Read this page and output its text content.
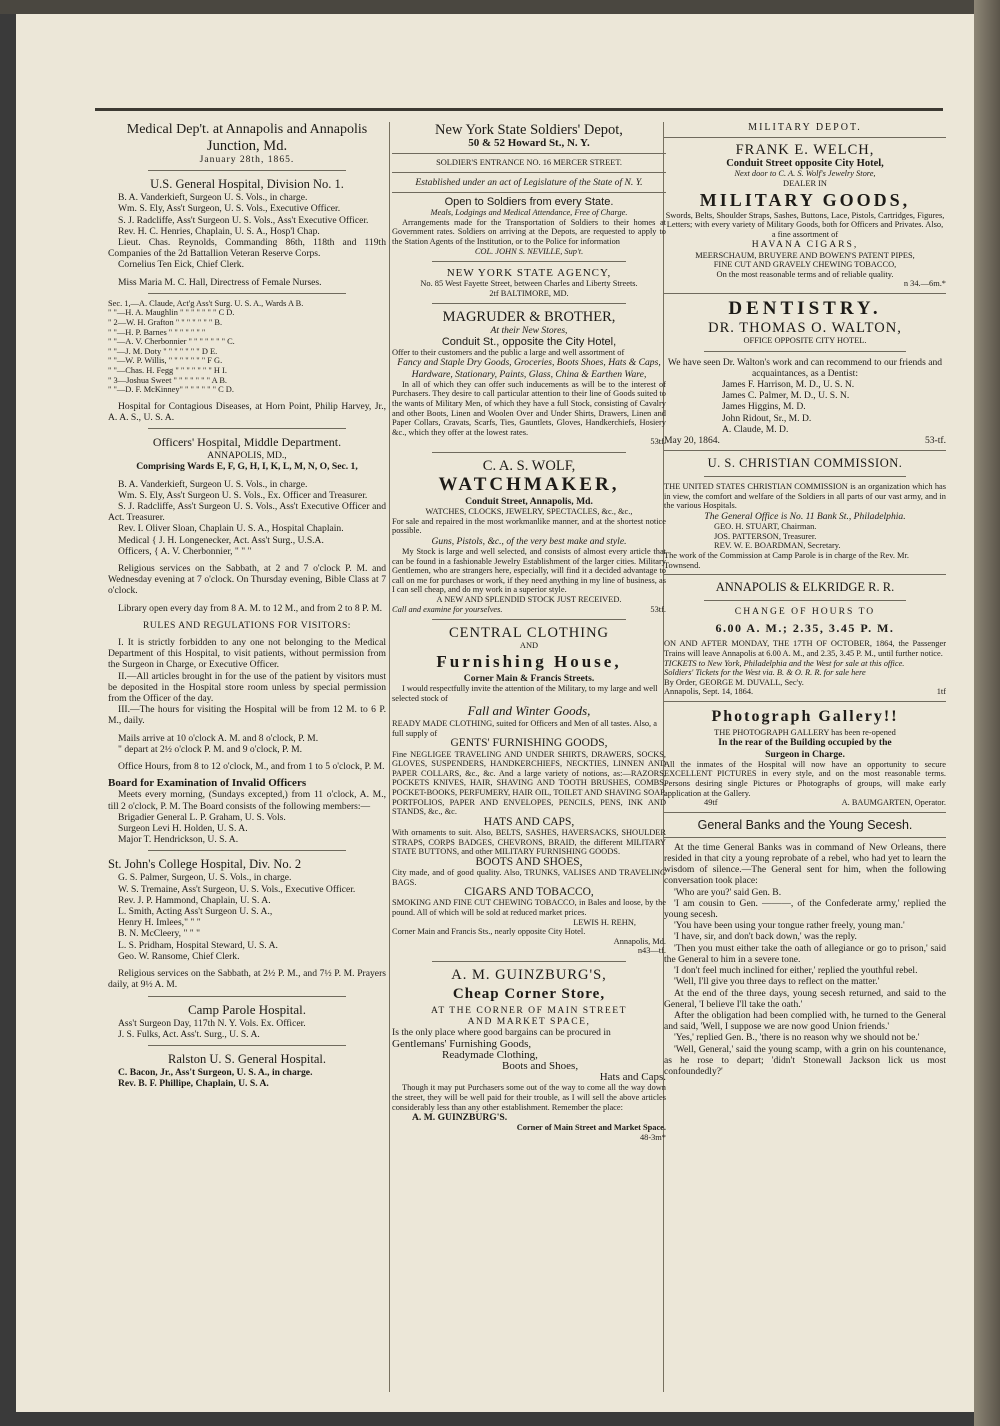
Medical Dep't. at Annapolis and Annapolis

Junction, Md.

January 28th, 1865.

U.S. General Hospital, Division No. 1.

B. A. Vanderkieft, Surgeon U. S. Vols., in charge.

Wm. S. Ely, Ass't Surgeon, U. S. Vols., Executive Officer.

S. J. Radcliffe, Ass't Surgeon U. S. Vols., Ass't Executive Officer.

Rev. H. C. Henries, Chaplain, U. S. A., Hosp'l Chap.

Lieut. Chas. Reynolds, Commanding 86th, 118th and 119th Companies of the 2d Battallion Veteran Reserve Corps.

Cornelius Ten Eick, Chief Clerk.

Miss Maria M. C. Hall, Directress of Female Nurses.

Sec. 1,—A. Claude, Act'g Ass't Surg. U. S. A., Wards A B.

" "—H. A. Maughlin " " " " " " " C D.

" 2—W. H. Grafton " " " " " " " B.

" "—H. P. Barnes " " " " " " "

" "—A. V. Cherbonnier " " " " " " " C.

" "—J. M. Doty " " " " " " " D E.

" "—W. P. Willis, " " " " " " " F G.

" "—Chas. H. Fegg " " " " " " " H I.

" 3—Joshua Sweet " " " " " " " A B.

" "—D. F. McKinney" " " " " " " C D.

Hospital for Contagious Diseases, at Horn Point, Philip Harvey, Jr., A. A. S., U. S. A.

Officers' Hospital, Middle Department.

ANNAPOLIS, MD.,

Comprising Wards E, F, G, H, I, K, L, M, N, O, Sec. 1,

B. A. Vanderkieft, Surgeon U. S. Vols., in charge.

Wm. S. Ely, Ass't Surgeon U. S. Vols., Ex. Officer and Treasurer.

S. J. Radcliffe, Ass't Surgeon U. S. Vols., Ass't Executive Officer and Act. Treasurer.

Rev. I. Oliver Sloan, Chaplain U. S. A., Hospital Chaplain.

Medical { J. H. Longenecker, Act. Ass't Surg., U.S.A.

Officers, { A. V. Cherbonnier, " " "

Religious services on the Sabbath, at 2 and 7 o'clock P. M. and Wednesday evening at 7 o'clock. On Thursday evening, Bible Class at 7 o'clock.

Library open every day from 8 A. M. to 12 M., and from 2 to 8 P. M.

RULES AND REGULATIONS FOR VISITORS:

I. It is strictly forbidden to any one not belonging to the Medical Department of this Hospital, to visit patients, without permission from the Surgeon in Charge, or Executive Officer.

II.—All articles brought in for the use of the patient by visitors must be deposited in the Hospital store room unless by special permission from the Officer of the day.

III.—The hours for visiting the Hospital will be from 12 M. to 6 P. M., daily.

Mails arrive at 10 o'clock A. M. and 8 o'clock, P. M.

" depart at 2½ o'clock P. M. and 9 o'clock, P. M.

Office Hours, from 8 to 12 o'clock, M., and from 1 to 5 o'clock, P. M.

Board for Examination of Invalid Officers

Meets every morning, (Sundays excepted,) from 11 o'clock, A. M., till 2 o'clock, P. M. The Board consists of the following members:—

Brigadier General L. P. Graham, U. S. Vols.

Surgeon Levi H. Holden, U. S. A.

Major T. Hendrickson, U. S. A.

St. John's College Hospital, Div. No. 2

G. S. Palmer, Surgeon, U. S. Vols., in charge.

W. S. Tremaine, Ass't Surgeon, U. S. Vols., Executive Officer.

Rev. J. P. Hammond, Chaplain, U. S. A.

L. Smith, Acting Ass't Surgeon U. S. A.,

Henry H. Imlees," " "

B. N. McCleery, " " "

L. S. Pridham, Hospital Steward, U. S. A.

Geo. W. Ransome, Chief Clerk.

Religious services on the Sabbath, at 2½ P. M., and 7½ P. M. Prayers daily, at 9½ A. M.

Camp Parole Hospital.

Ass't Surgeon Day, 117th N. Y. Vols. Ex. Officer.

J. S. Fulks, Act. Ass't. Surg., U. S. A.

Ralston U. S. General Hospital.

C. Bacon, Jr., Ass't Surgeon, U. S. A., in charge.

Rev. B. F. Phillipe, Chaplain, U. S. A.

New York State Soldiers' Depot,

50 & 52 Howard St., N. Y.

SOLDIER'S ENTRANCE NO. 16 MERCER STREET.

Established under an act of Legislature of the State of N. Y.

Open to Soldiers from every State.

Meals, Lodgings and Medical Attendance, Free of Charge.

Arrangements made for the Transportation of Soldiers to their homes at Government rates. Soldiers on arriving at the Depots, are requested to apply to the Station Agents of the Institution, or to the Police for information

COL. JOHN S. NEVILLE, Sup't.

NEW YORK STATE AGENCY,

No. 85 West Fayette Street, between Charles and Liberty Streets.

2tf BALTIMORE, MD.

MAGRUDER & BROTHER,

At their New Stores,

Conduit St., opposite the City Hotel,

Offer to their customers and the public a large and well assortment of

Fancy and Staple Dry Goods, Groceries, Boots Shoes, Hats & Caps, Hardware, Stationary, Paints, Glass, China & Earthen Ware,

In all of which they can offer such inducements as will be to the interest of Purchasers. They desire to call particular attention to their line of Goods suited to the wants of Military Men, of which they have a full Stock, consisting of Cavalry and other Boots, Linen and Woolen Over and Under Shirts, Drawers, Linen and Paper Collars, Cravats, Scarfs, Ties, Gauntlets, Gloves, Handkerchiefs, Hosiery &c., which they offer at the lowest rates.

53tf.

C. A. S. WOLF,

WATCHMAKER,

Conduit Street, Annapolis, Md.

WATCHES, CLOCKS, JEWELRY, SPECTACLES, &c., &c.,

For sale and repaired in the most workmanlike manner, and at the shortest notice possible.

Guns, Pistols, &c., of the very best make and style.

My Stock is large and well selected, and consists of almost every article that can be found in a fashionable Jewelry Establishment of the larger cities. Military Gentlemen, who are strangers here, especially, will find it a decided advantage to call on me for purchases or work, if they need anything in my line of business, as I can sell cheap, and do my work in a superior style.

A NEW AND SPLENDID STOCK JUST RECEIVED.

Call and examine for yourselves.	53tf.

CENTRAL CLOTHING

AND

Furnishing House,

Corner Main & Francis Streets.

I would respectfully invite the attention of the Military, to my large and well selected stock of

Fall and Winter Goods,

READY MADE CLOTHING, suited for Officers and Men of all tastes. Also, a full supply of

GENTS' FURNISHING GOODS,

Fine NEGLIGEE TRAVELING AND UNDER SHIRTS, DRAWERS, SOCKS, GLOVES, SUSPENDERS, HANDKERCHIEFS, NECKTIES, LINNEN AND PAPER COLLARS, &c., &c. And a large variety of notions, as:—RAZORS, POCKETS KNIVES, HAIR, SHAVING AND TOOTH BRUSHES, COMBS, POCKET-BOOKS, PERFUMERY, HAIR OIL, TOILET AND SHAVING SOAP, PORTFOLIOS, PAPER AND ENVELOPES, PENCILS, PENS, INK AND STANDS, &c., &c.

HATS AND CAPS,

With ornaments to suit. Also, BELTS, SASHES, HAVERSACKS, SHOULDER STRAPS, CORPS BADGES, CHEVRONS, BRAID, the different MILITARY STATE BUTTONS, and other MILITARY FURNISHING GOODS.

BOOTS AND SHOES,

City made, and of good quality. Also, TRUNKS, VALISES AND TRAVELING BAGS.

CIGARS AND TOBACCO,

SMOKING AND FINE CUT CHEWING TOBACCO, in Bales and loose, by the pound. All of which will be sold at reduced market prices.

LEWIS H. REHN,

Corner Main and Francis Sts., nearly opposite City Hotel.

Annapolis, Md.

n43—tf.

A. M. GUINZBURG'S,

Cheap Corner Store,

AT THE CORNER OF MAIN STREET

AND MARKET SPACE,

Is the only place where good bargains can be procured in

Gentlemans' Furnishing Goods,

Readymade Clothing,

Boots and Shoes,

Hats and Caps.

Though it may put Purchasers some out of the way to come all the way down the street, they will be well paid for their trouble, as I will sell the above articles considerably less than any other establishment. Remember the place:

A. M. GUINZBURG'S.

Corner of Main Street and Market Space.

48-3m*

MILITARY DEPOT.

FRANK E. WELCH,

Conduit Street opposite City Hotel,

Next door to C. A. S. Wolf's Jewelry Store,

DEALER IN

MILITARY GOODS,

Swords, Belts, Shoulder Straps, Sashes, Buttons, Lace, Pistols, Cartridges, Figures, Letters; with every variety of Military Goods, both for Officers and Privates. Also, a fine assortment of

HAVANA CIGARS,

MEERSCHAUM, BRUYERE AND BOWEN'S PATENT PIPES,

FINE CUT AND GRAVELY CHEWING TOBACCO,

On the most reasonable terms and of reliable quality.

n 34.—6m.*

DENTISTRY.

DR. THOMAS O. WALTON,

OFFICE OPPOSITE CITY HOTEL.

We have seen Dr. Walton's work and can recommend to our friends and acquaintances, as a Dentist:

James F. Harrison, M. D., U. S. N.

James C. Palmer, M. D., U. S. N.

James Higgins, M. D.

John Ridout, Sr., M. D.

A. Claude, M. D.

May 20, 1864.	53-tf.

U. S. CHRISTIAN COMMISSION.

THE UNITED STATES CHRISTIAN COMMISSION is an organization which has in view, the comfort and welfare of the Soldiers in all parts of our vast army, and in the various Hospitals.

The General Office is No. 11 Bank St., Philadelphia.

GEO. H. STUART, Chairman.

JOS. PATTERSON, Treasurer.

REV. W. E. BOARDMAN, Secretary.

The work of the Commission at Camp Parole is in charge of the Rev. Mr. Townsend.

ANNAPOLIS & ELKRIDGE R. R.

CHANGE OF HOURS TO

6.00 A. M.; 2.35, 3.45 P. M.

ON AND AFTER MONDAY, THE 17TH OF OCTOBER, 1864, the Passenger Trains will leave Annapolis at 6.00 A. M., and 2.35, 3.45 P. M., until further notice.

TICKETS to New York, Philadelphia and the West for sale at this office.

Soldiers' Tickets for the West via. B. & O. R. R. for sale here

By Order, GEORGE M. DUVALL, Sec'y.

Annapolis, Sept. 14, 1864.	1tf

Photograph Gallery!!

THE PHOTOGRAPH GALLERY has been re-opened

In the rear of the Building occupied by the

Surgeon in Charge.

All the inmates of the Hospital will now have an opportunity to secure EXCELLENT PICTURES in every style, and on the most reasonable terms. Persons desiring single Pictures or Photographs of groups, will make early application at the Gallery.

49tf	A. BAUMGARTEN, Operator.

General Banks and the Young Secesh.

At the time General Banks was in command of New Orleans, there resided in that city a young reprobate of a rebel, who had yet to learn the wisdom of silence.—The General sent for him, when the following conversation took place:

'Who are you?' said Gen. B.

'I am cousin to Gen. ———, of the Confederate army,' replied the young secesh.

'You have been using your tongue rather freely, young man.'

'I have, sir, and don't back down,' was the reply.

'Then you must either take the oath of allegiance or go to prison,' said the General to him in a severe tone.

'I don't feel much inclined for either,' replied the youthful rebel.

'Well, I'll give you three days to reflect on the matter.'

At the end of the three days, young secesh returned, and said to the General, 'I believe I'll take the oath.'

After the obligation had been complied with, he turned to the General and said, 'Well, I suppose we are now good Union friends.'

'Yes,' replied Gen. B., 'there is no reason why we should not be.'

'Well, General,' said the young scamp, with a grin on his countenance, as he rose to depart; 'didn't Stonewall Jackson lick us most confoundedly?'
